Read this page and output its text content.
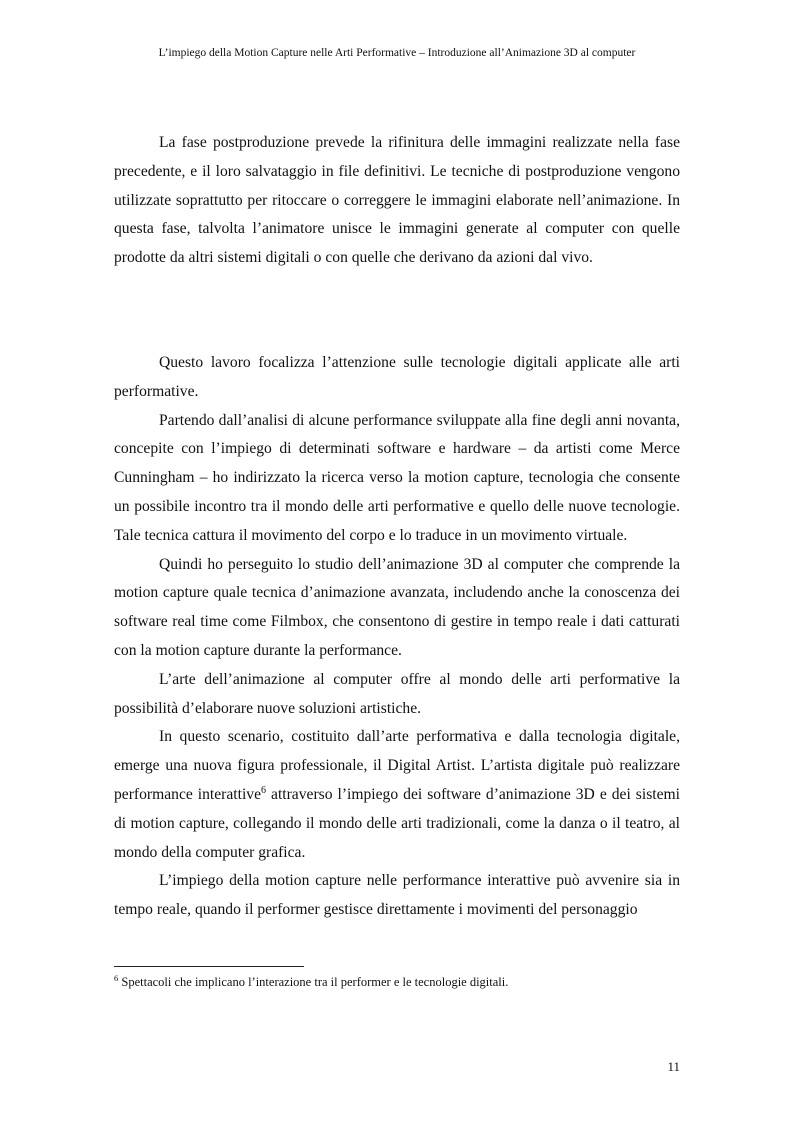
L’impiego della Motion Capture nelle Arti Performative – Introduzione all’Animazione 3D al computer

La fase postproduzione prevede la rifinitura delle immagini realizzate nella fase precedente, e il loro salvataggio in file definitivi. Le tecniche di postproduzione vengono utilizzate soprattutto per ritoccare o correggere le immagini elaborate nell’animazione. In questa fase, talvolta l’animatore unisce le immagini generate al computer con quelle prodotte da altri sistemi digitali o con quelle che derivano da azioni dal vivo.

Questo lavoro focalizza l’attenzione sulle tecnologie digitali applicate alle arti performative.

Partendo dall’analisi di alcune performance sviluppate alla fine degli anni novanta, concepite con l’impiego di determinati software e hardware – da artisti come Merce Cunningham – ho indirizzato la ricerca verso la motion capture, tecnologia che consente un possibile incontro tra il mondo delle arti performative e quello delle nuove tecnologie. Tale tecnica cattura il movimento del corpo e lo traduce in un movimento virtuale.

Quindi ho perseguito lo studio dell’animazione 3D al computer che comprende la motion capture quale tecnica d’animazione avanzata, includendo anche la conoscenza dei software real time come Filmbox, che consentono di gestire in tempo reale i dati catturati con la motion capture durante la performance.

L’arte dell’animazione al computer offre al mondo delle arti performative la possibilità d’elaborare nuove soluzioni artistiche.

In questo scenario, costituito dall’arte performativa e dalla tecnologia digitale, emerge una nuova figura professionale, il Digital Artist. L’artista digitale può realizzare performance interattive$^6$ attraverso l’impiego dei software d’animazione 3D e dei sistemi di motion capture, collegando il mondo delle arti tradizionali, come la danza o il teatro, al mondo della computer grafica.

L’impiego della motion capture nelle performance interattive può avvenire sia in tempo reale, quando il performer gestisce direttamente i movimenti del personaggio

$^6$ Spettacoli che implicano l’interazione tra il performer e le tecnologie digitali.
11
